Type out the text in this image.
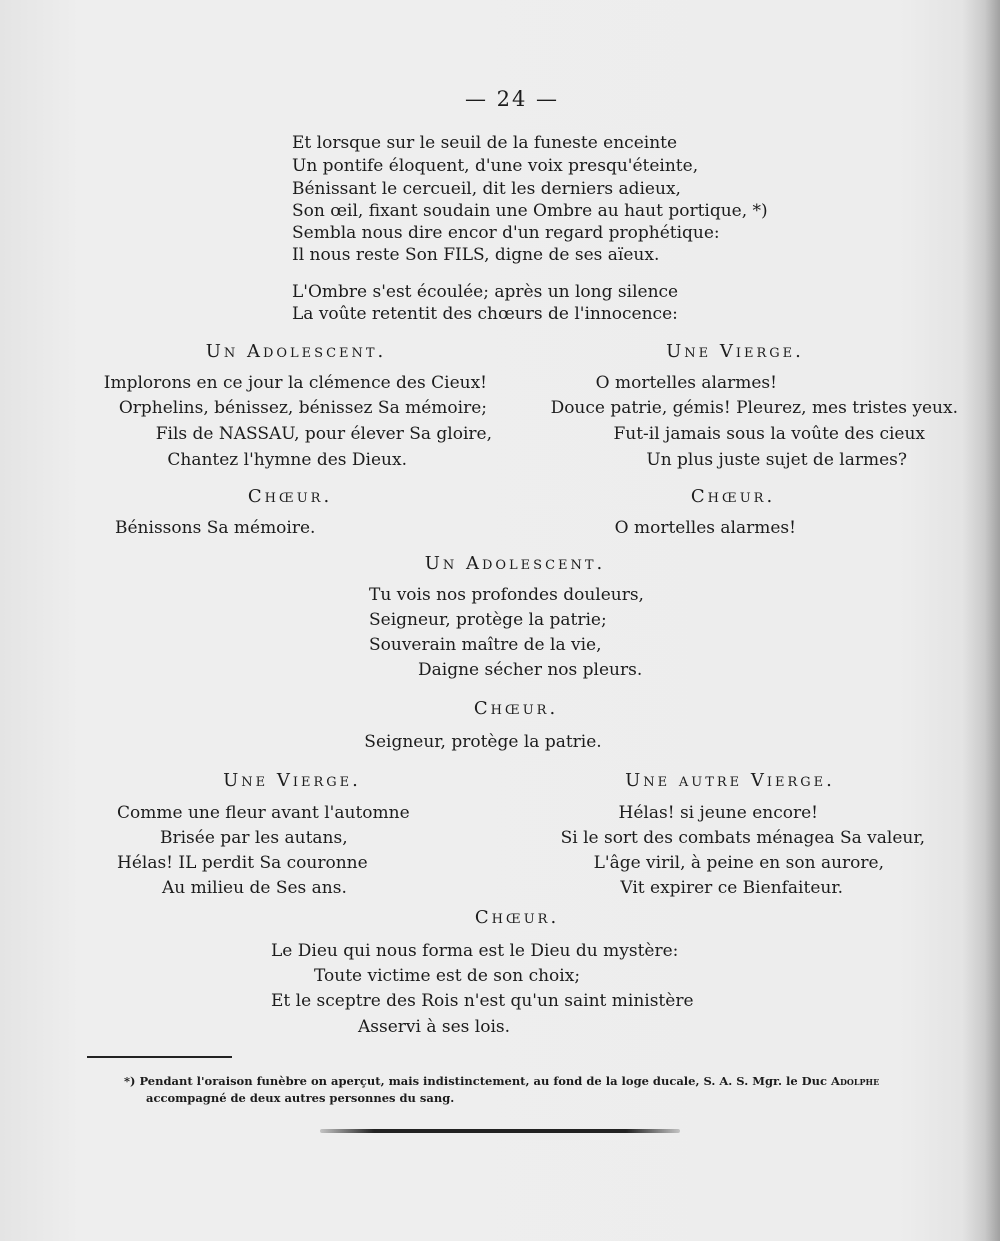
— 24 —
Et lorsque sur le seuil de la funeste enceinte
Un pontife éloquent, d'une voix presqu'éteinte,
Bénissant le cercueil, dit les derniers adieux,
Son œil, fixant soudain une Ombre au haut portique, *)
Sembla nous dire encor d'un regard prophétique:
Il nous reste Son FILS, digne de ses aïeux.
L'Ombre s'est écoulée; après un long silence
La voûte retentit des chœurs de l'innocence:
Un Adolescent.
Implorons en ce jour la clémence des Cieux!
Orphelins, bénissez, bénissez Sa mémoire;
Fils de NASSAU, pour élever Sa gloire,
Chantez l'hymne des Dieux.
Chœur.
Bénissons Sa mémoire.
Une Vierge.
O mortelles alarmes!
Douce patrie, gémis! Pleurez, mes tristes yeux.
Fut-il jamais sous la voûte des cieux
Un plus juste sujet de larmes?
Chœur.
O mortelles alarmes!
Un Adolescent.
Tu vois nos profondes douleurs,
Seigneur, protège la patrie;
Souverain maître de la vie,
Daigne sécher nos pleurs.
Chœur.
Seigneur, protège la patrie.
Une Vierge.
Comme une fleur avant l'automne
Brisée par les autans,
Hélas! IL perdit Sa couronne
Au milieu de Ses ans.
Une autre Vierge.
Hélas! si jeune encore!
Si le sort des combats ménagea Sa valeur,
L'âge viril, à peine en son aurore,
Vit expirer ce Bienfaiteur.
Chœur.
Le Dieu qui nous forma est le Dieu du mystère:
Toute victime est de son choix;
Et le sceptre des Rois n'est qu'un saint ministère
Asservi à ses lois.
*) Pendant l'oraison funèbre on aperçut, mais indistinctement, au fond de la loge ducale, S. A. S. Mgr. le Duc Adolphe
accompagné de deux autres personnes du sang.
